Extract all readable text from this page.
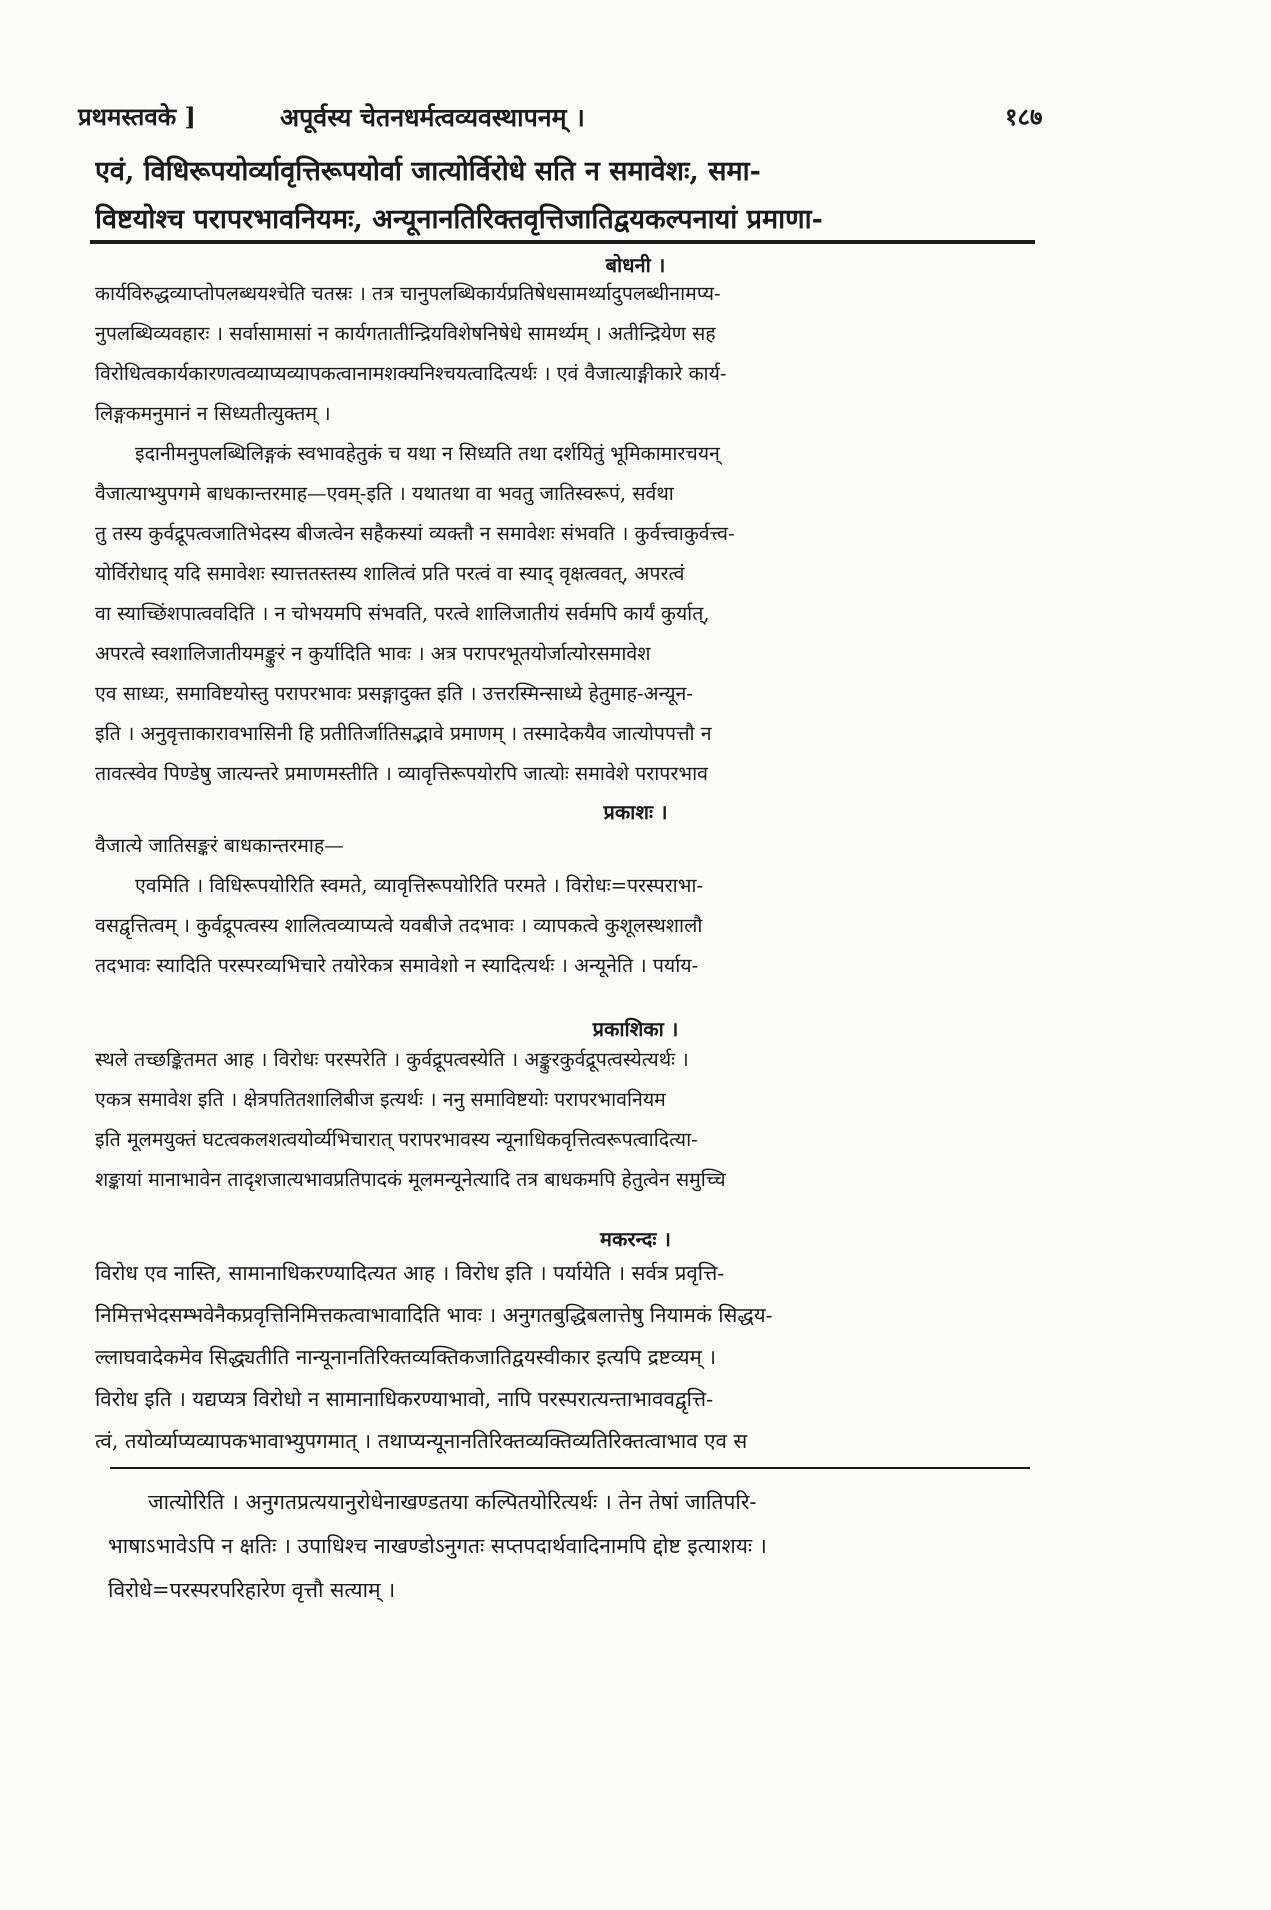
प्रथमस्तवके ]	अपूर्वस्य चेतनधर्मत्वव्यवस्थापनम् ।	१८७
एवं, विधिरूपयोर्व्यावृत्तिरूपयोर्वा जात्योर्विरोधे सति न समावेशः, समा-
विष्टयोश्च परापरभावनियमः, अन्यूनानतिरिक्तवृत्तिजातिद्वयकल्पनायां प्रमाणा-
बोधनी ।
कार्यविरुद्धव्याप्तोपलब्धयश्चेति चतस्रः । तत्र चानुपलब्धिकार्यप्रतिषेधसामर्थ्यादुपलब्धीनामप्य-
नुपलब्धिव्यवहारः । सर्वासामासां न कार्यगतातीन्द्रियविशेषनिषेधे सामर्थ्यम् । अतीन्द्रियेण सह
विरोधित्वकार्यकारणत्वव्याप्यव्यापकत्वानामशक्यनिश्चयत्वादित्यर्थः । एवं वैजात्याङ्गीकारे कार्य-
लिङ्गकमनुमानं न सिध्यतीत्युक्तम् ।
इदानीमनुपलब्धिलिङ्गकं स्वभावहेतुकं च यथा न सिध्यति तथा दर्शयितुं भूमिकामारचयन्
वैजात्याभ्युपगमे बाधकान्तरमाह—एवम्-इति । यथातथा वा भवतु जातिस्वरूपं, सर्वथा
तु तस्य कुर्वद्रूपत्वजातिभेदस्य बीजत्वेन सहैकस्यां व्यक्तौ न समावेशः संभवति । कुर्वत्त्वाकुर्वत्त्व-
योर्विरोधाद् यदि समावेशः स्यात्ततस्तस्य शालित्वं प्रति परत्वं वा स्याद् वृक्षत्ववत्, अपरत्वं
वा स्याच्छिंशपात्ववदिति । न चोभयमपि संभवति, परत्वे शालिजातीयं सर्वमपि कार्यं कुर्यात्,
अपरत्वे स्वशालिजातीयमङ्कुरं न कुर्यादिति भावः । अत्र परापरभूतयोर्जात्योरसमावेश
एव साध्यः, समाविष्टयोस्तु परापरभावः प्रसङ्गादुक्त इति । उत्तरस्मिन्साध्ये हेतुमाह-अन्यून-
इति । अनुवृत्ताकारावभासिनी हि प्रतीतिर्जातिसद्भावे प्रमाणम् । तस्मादेकयैव जात्योपपत्तौ न
तावत्स्वेव पिण्डेषु जात्यन्तरे प्रमाणमस्तीति । व्यावृत्तिरूपयोरपि जात्योः समावेशे परापरभाव
प्रकाशः ।
वैजात्ये जातिसङ्करं बाधकान्तरमाह—
एवमिति । विधिरूपयोरिति स्वमते, व्यावृत्तिरूपयोरिति परमते । विरोधः=परस्पराभा-
वसद्वृत्तित्वम् । कुर्वद्रूपत्वस्य शालित्वव्याप्यत्वे यवबीजे तदभावः । व्यापकत्वे कुशूलस्थशालौ
तदभावः स्यादिति परस्परव्यभिचारे तयोरेकत्र समावेशो न स्यादित्यर्थः । अन्यूनेति । पर्याय-
प्रकाशिका ।
स्थले तच्छङ्कितमत आह । विरोधः परस्परेति । कुर्वद्रूपत्वस्येति । अङ्कुरकुर्वद्रूपत्वस्येत्यर्थः ।
एकत्र समावेश इति । क्षेत्रपतितशालिबीज इत्यर्थः । ननु समाविष्टयोः परापरभावनियम
इति मूलमयुक्तं घटत्वकलशत्वयोर्व्यभिचारात् परापरभावस्य न्यूनाधिकवृत्तित्वरूपत्वादित्या-
शङ्कायां मानाभावेन तादृशजात्यभावप्रतिपादकं मूलमन्यूनेत्यादि तत्र बाधकमपि हेतुत्वेन समुच्चि
मकरन्दः ।
विरोध एव नास्ति, सामानाधिकरण्यादित्यत आह । विरोध इति । पर्यायेति । सर्वत्र प्रवृत्ति-
निमित्तभेदसम्भवेनैकप्रवृत्तिनिमित्तकत्वाभावादिति भावः । अनुगतबुद्धिबलात्तेषु नियामकं सिद्धय-
ल्लाघवादेकमेव सिद्ध्यतीति नान्यूनानतिरिक्तव्यक्तिकजातिद्वयस्वीकार इत्यपि द्रष्टव्यम् ।
विरोध इति । यद्यप्यत्र विरोधो न सामानाधिकरण्याभावो, नापि परस्परात्यन्ताभाववद्वृत्ति-
त्वं, तयोर्व्याप्यव्यापकभावाभ्युपगमात् । तथाप्यन्यूनानतिरिक्तव्यक्तिव्यतिरिक्तत्वाभाव एव स
जात्योरिति । अनुगतप्रत्ययानुरोधेनाखण्डतया कल्पितयोरित्यर्थः । तेन तेषां जातिपरि-
भाषाऽभावेऽपि न क्षतिः । उपाधिश्च नाखण्डोऽनुगतः सप्तपदार्थवादिनामपि द्दोष्ट इत्याशयः ।
विरोधे=परस्परपरिहारेण वृत्तौ सत्याम् ।
